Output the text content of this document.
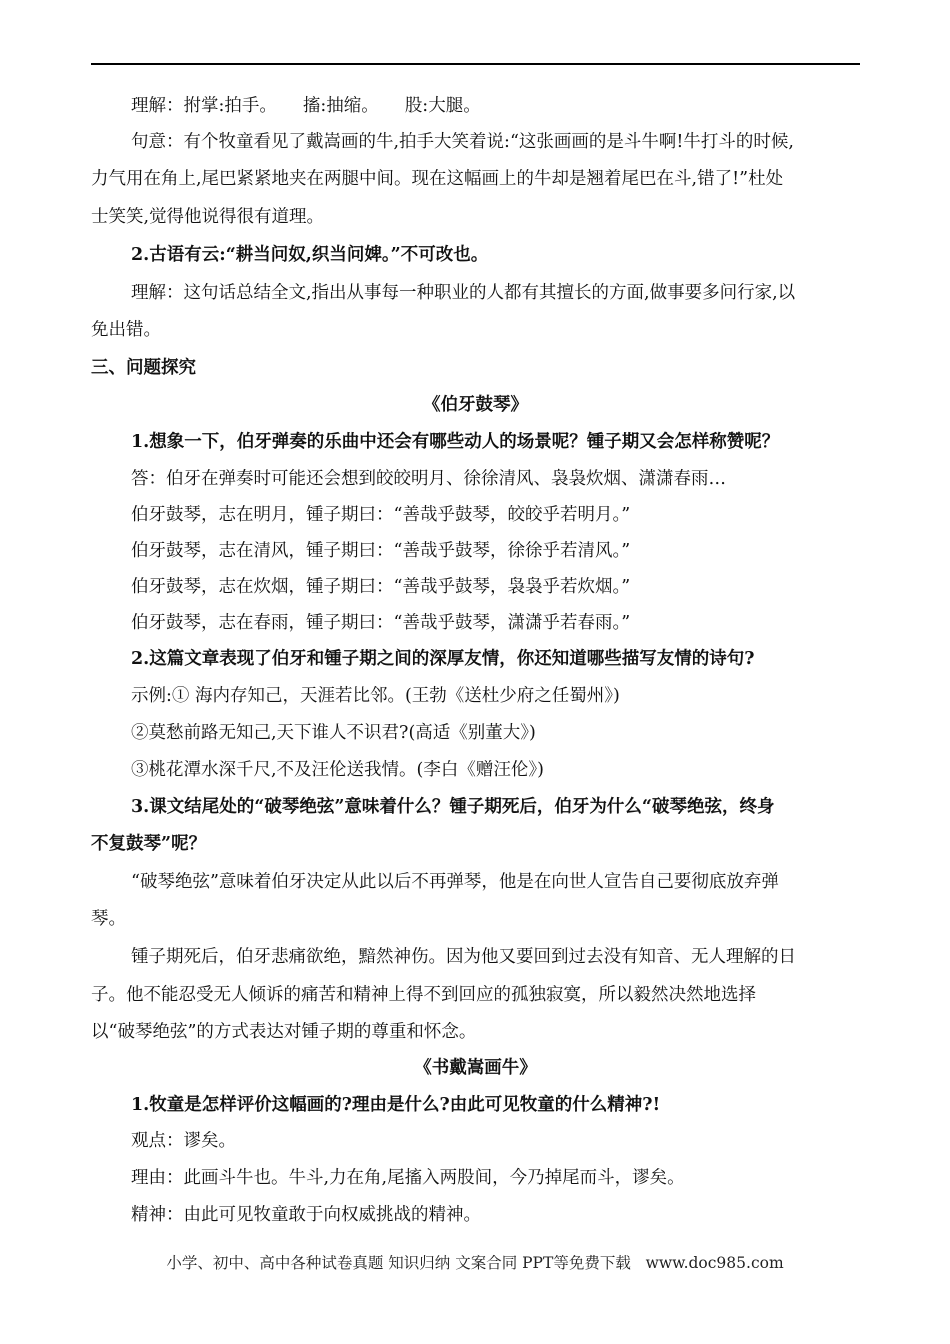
理解：拊掌:拍手。 搐:抽缩。 股:大腿。
句意：有个牧童看见了戴嵩画的牛,拍手大笑着说:“这张画画的是斗牛啊!牛打斗的时候,
力气用在角上,尾巴紧紧地夹在两腿中间。现在这幅画上的牛却是翘着尾巴在斗,错了!”杜处
士笑笑,觉得他说得很有道理。
2.古语有云:“耕当问奴,织当问婢。”不可改也。
理解：这句话总结全文,指出从事每一种职业的人都有其擅长的方面,做事要多问行家,以
免出错。
三、问题探究
《伯牙鼓琴》
1.想象一下，伯牙弹奏的乐曲中还会有哪些动人的场景呢？锺子期又会怎样称赞呢？
答：伯牙在弹奏时可能还会想到皎皎明月、徐徐清风、袅袅炊烟、潇潇春雨…
伯牙鼓琴，志在明月，锺子期曰：“善哉乎鼓琴，皎皎乎若明月。”
伯牙鼓琴，志在清风，锺子期曰：“善哉乎鼓琴，徐徐乎若清风。”
伯牙鼓琴，志在炊烟，锺子期曰：“善哉乎鼓琴，袅袅乎若炊烟。”
伯牙鼓琴，志在春雨，锺子期曰：“善哉乎鼓琴，潇潇乎若春雨。”
2.这篇文章表现了伯牙和锺子期之间的深厚友情，你还知道哪些描写友情的诗句?
示例:① 海内存知己，天涯若比邻。(王勃《送杜少府之任蜀州》)
②莫愁前路无知己,天下谁人不识君?(高适《别董大》)
③桃花潭水深千尺,不及汪伦送我情。(李白《赠汪伦》)
3.课文结尾处的“破琴绝弦”意味着什么？锺子期死后，伯牙为什么“破琴绝弦，终身
不复鼓琴”呢？
“破琴绝弦”意味着伯牙决定从此以后不再弹琴，他是在向世人宣告自己要彻底放弃弹
琴。
锺子期死后，伯牙悲痛欲绝，黯然神伤。因为他又要回到过去没有知音、无人理解的日
子。他不能忍受无人倾诉的痛苦和精神上得不到回应的孤独寂寞，所以毅然决然地选择
以“破琴绝弦”的方式表达对锺子期的尊重和怀念。
《书戴嵩画牛》
1.牧童是怎样评价这幅画的?理由是什么?由此可见牧童的什么精神?!
观点：谬矣。
理由：此画斗牛也。牛斗,力在角,尾搐入两股间，今乃掉尾而斗，谬矣。
精神：由此可见牧童敢于向权威挑战的精神。
小学、初中、高中各种试卷真题 知识归纳 文案合同 PPT等免费下载 www.doc985.com
